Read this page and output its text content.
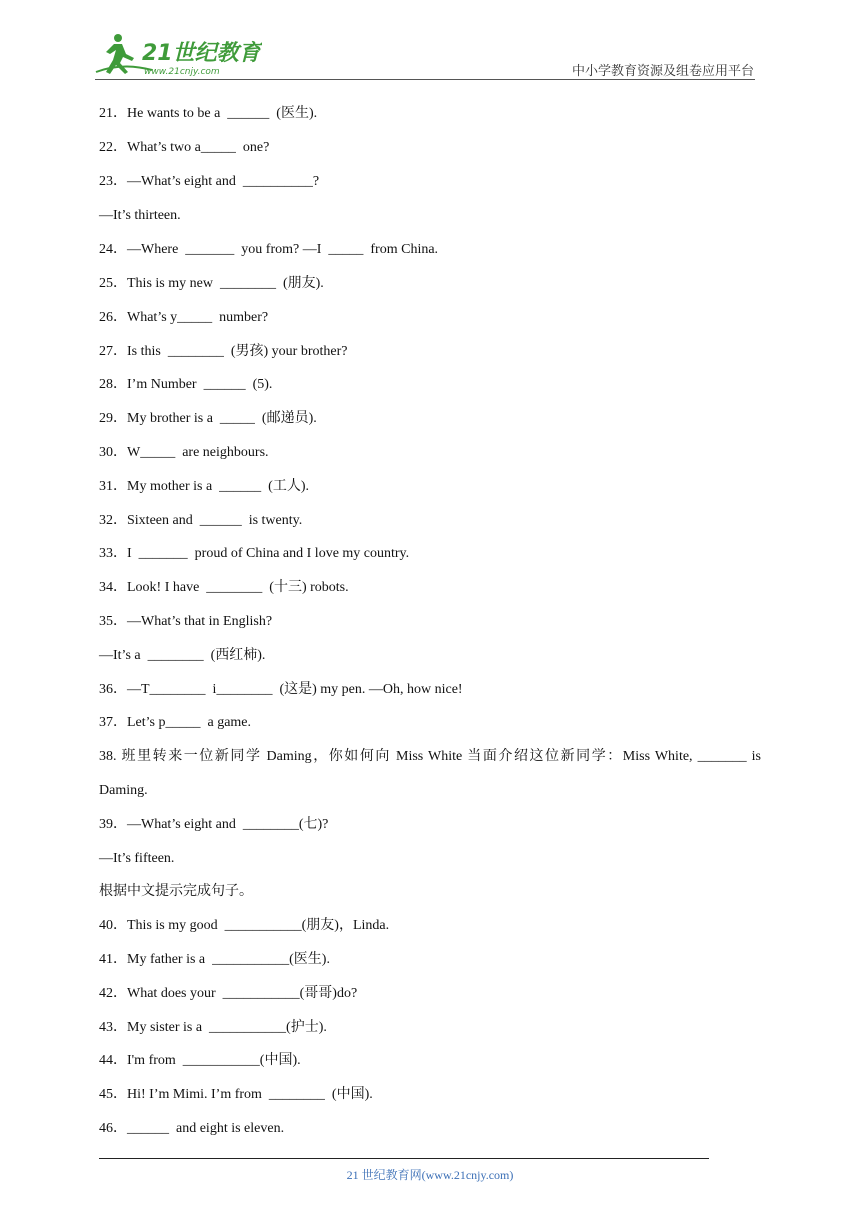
21世纪教育
www.21cnjy.com	中小学教育资源及组卷应用平台
21．He wants to be a  ______  (医生).
22．What’s two a_____  one?
23．—What’s eight and  __________?
—It’s thirteen.
24．—Where  _______  you from? —I  _____  from China.
25．This is my new  ________  (朋友).
26．What’s y_____  number?
27．Is this  ________  (男孩) your brother?
28．I’m Number  ______  (5).
29．My brother is a  _____  (邮递员).
30．W_____  are neighbours.
31．My mother is a  ______  (工人).
32．Sixteen and  ______  is twenty.
33．I  _______  proud of China and I love my country.
34．Look! I have  ________  (十三) robots.
35．—What’s that in English?
—It’s a  ________  (西红柿).
36．—T________  i________  (这是) my pen. —Oh, how nice!
37．Let’s p_____  a game.
38. 班里转来一位新同学 Daming，你如何向 Miss White 当面介绍这位新同学：Miss White, _______ is Daming.
39．—What’s eight and  ________(七)?
—It’s fifteen.
根据中文提示完成句子。
40．This is my good  ___________(朋友)，Linda.
41．My father is a  ___________(医生).
42．What does your  ___________(哥哥)do?
43．My sister is a  ___________(护士).
44．I'm from  ___________(中国).
45．Hi! I’m Mimi. I’m from  ________  (中国).
46．______  and eight is eleven.
21 世纪教育网(www.21cnjy.com)
